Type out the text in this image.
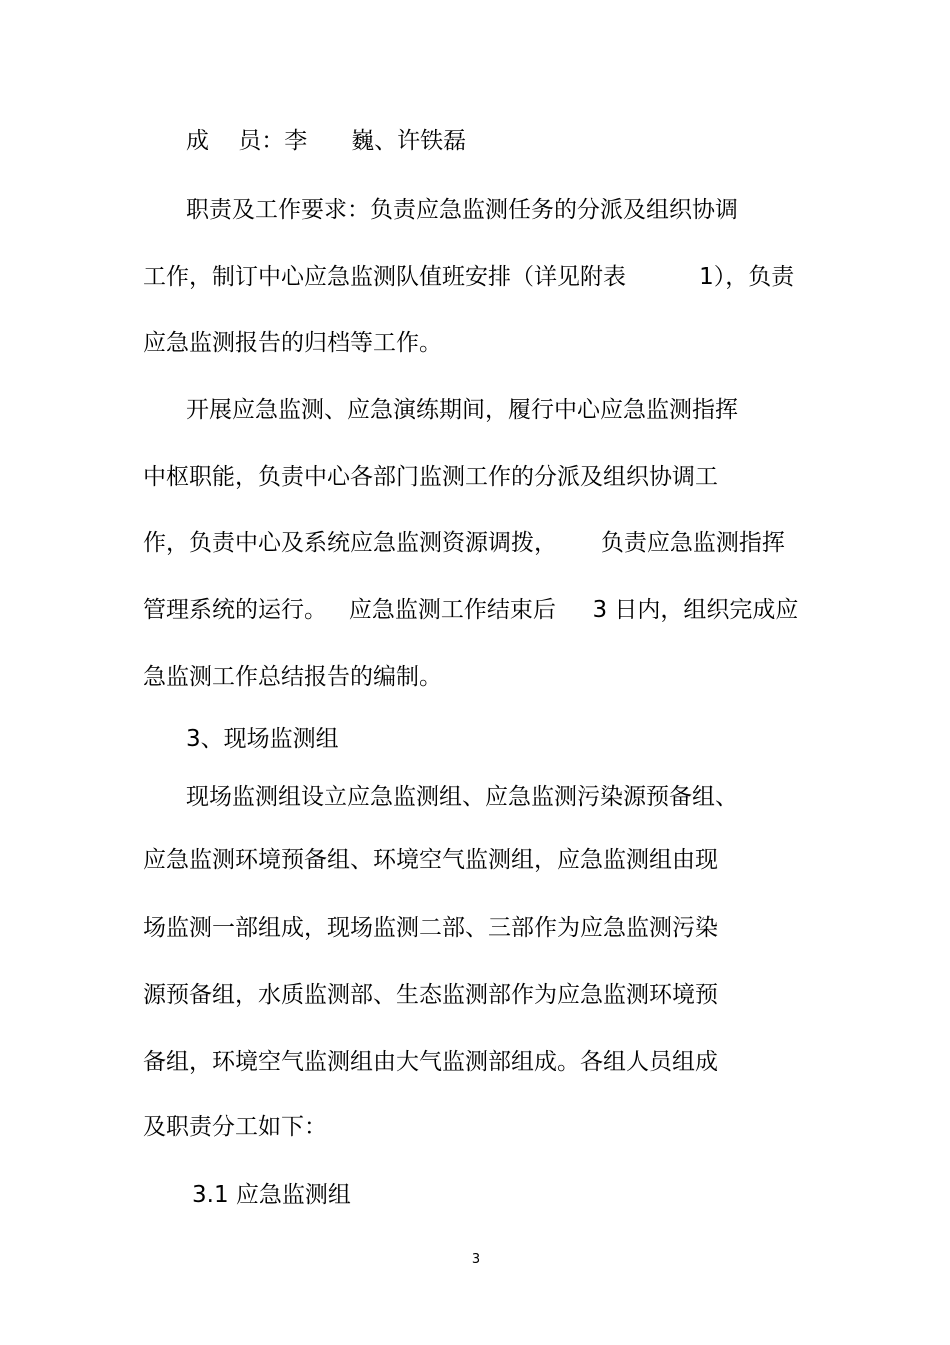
成    员：李      巍、许铁磊
职责及工作要求：负责应急监测任务的分派及组织协调
工作，制订中心应急监测队值班安排（详见附表          1），负责
应急监测报告的归档等工作。
开展应急监测、应急演练期间，履行中心应急监测指挥
中枢职能，负责中心各部门监测工作的分派及组织协调工
作，负责中心及系统应急监测资源调拨，      负责应急监测指挥
管理系统的运行。   应急监测工作结束后     3 日内，组织完成应
急监测工作总结报告的编制。
3、现场监测组
现场监测组设立应急监测组、应急监测污染源预备组、
应急监测环境预备组、环境空气监测组，应急监测组由现
场监测一部组成，现场监测二部、三部作为应急监测污染
源预备组，水质监测部、生态监测部作为应急监测环境预
备组，环境空气监测组由大气监测部组成。各组人员组成
及职责分工如下：
3.1 应急监测组
3
